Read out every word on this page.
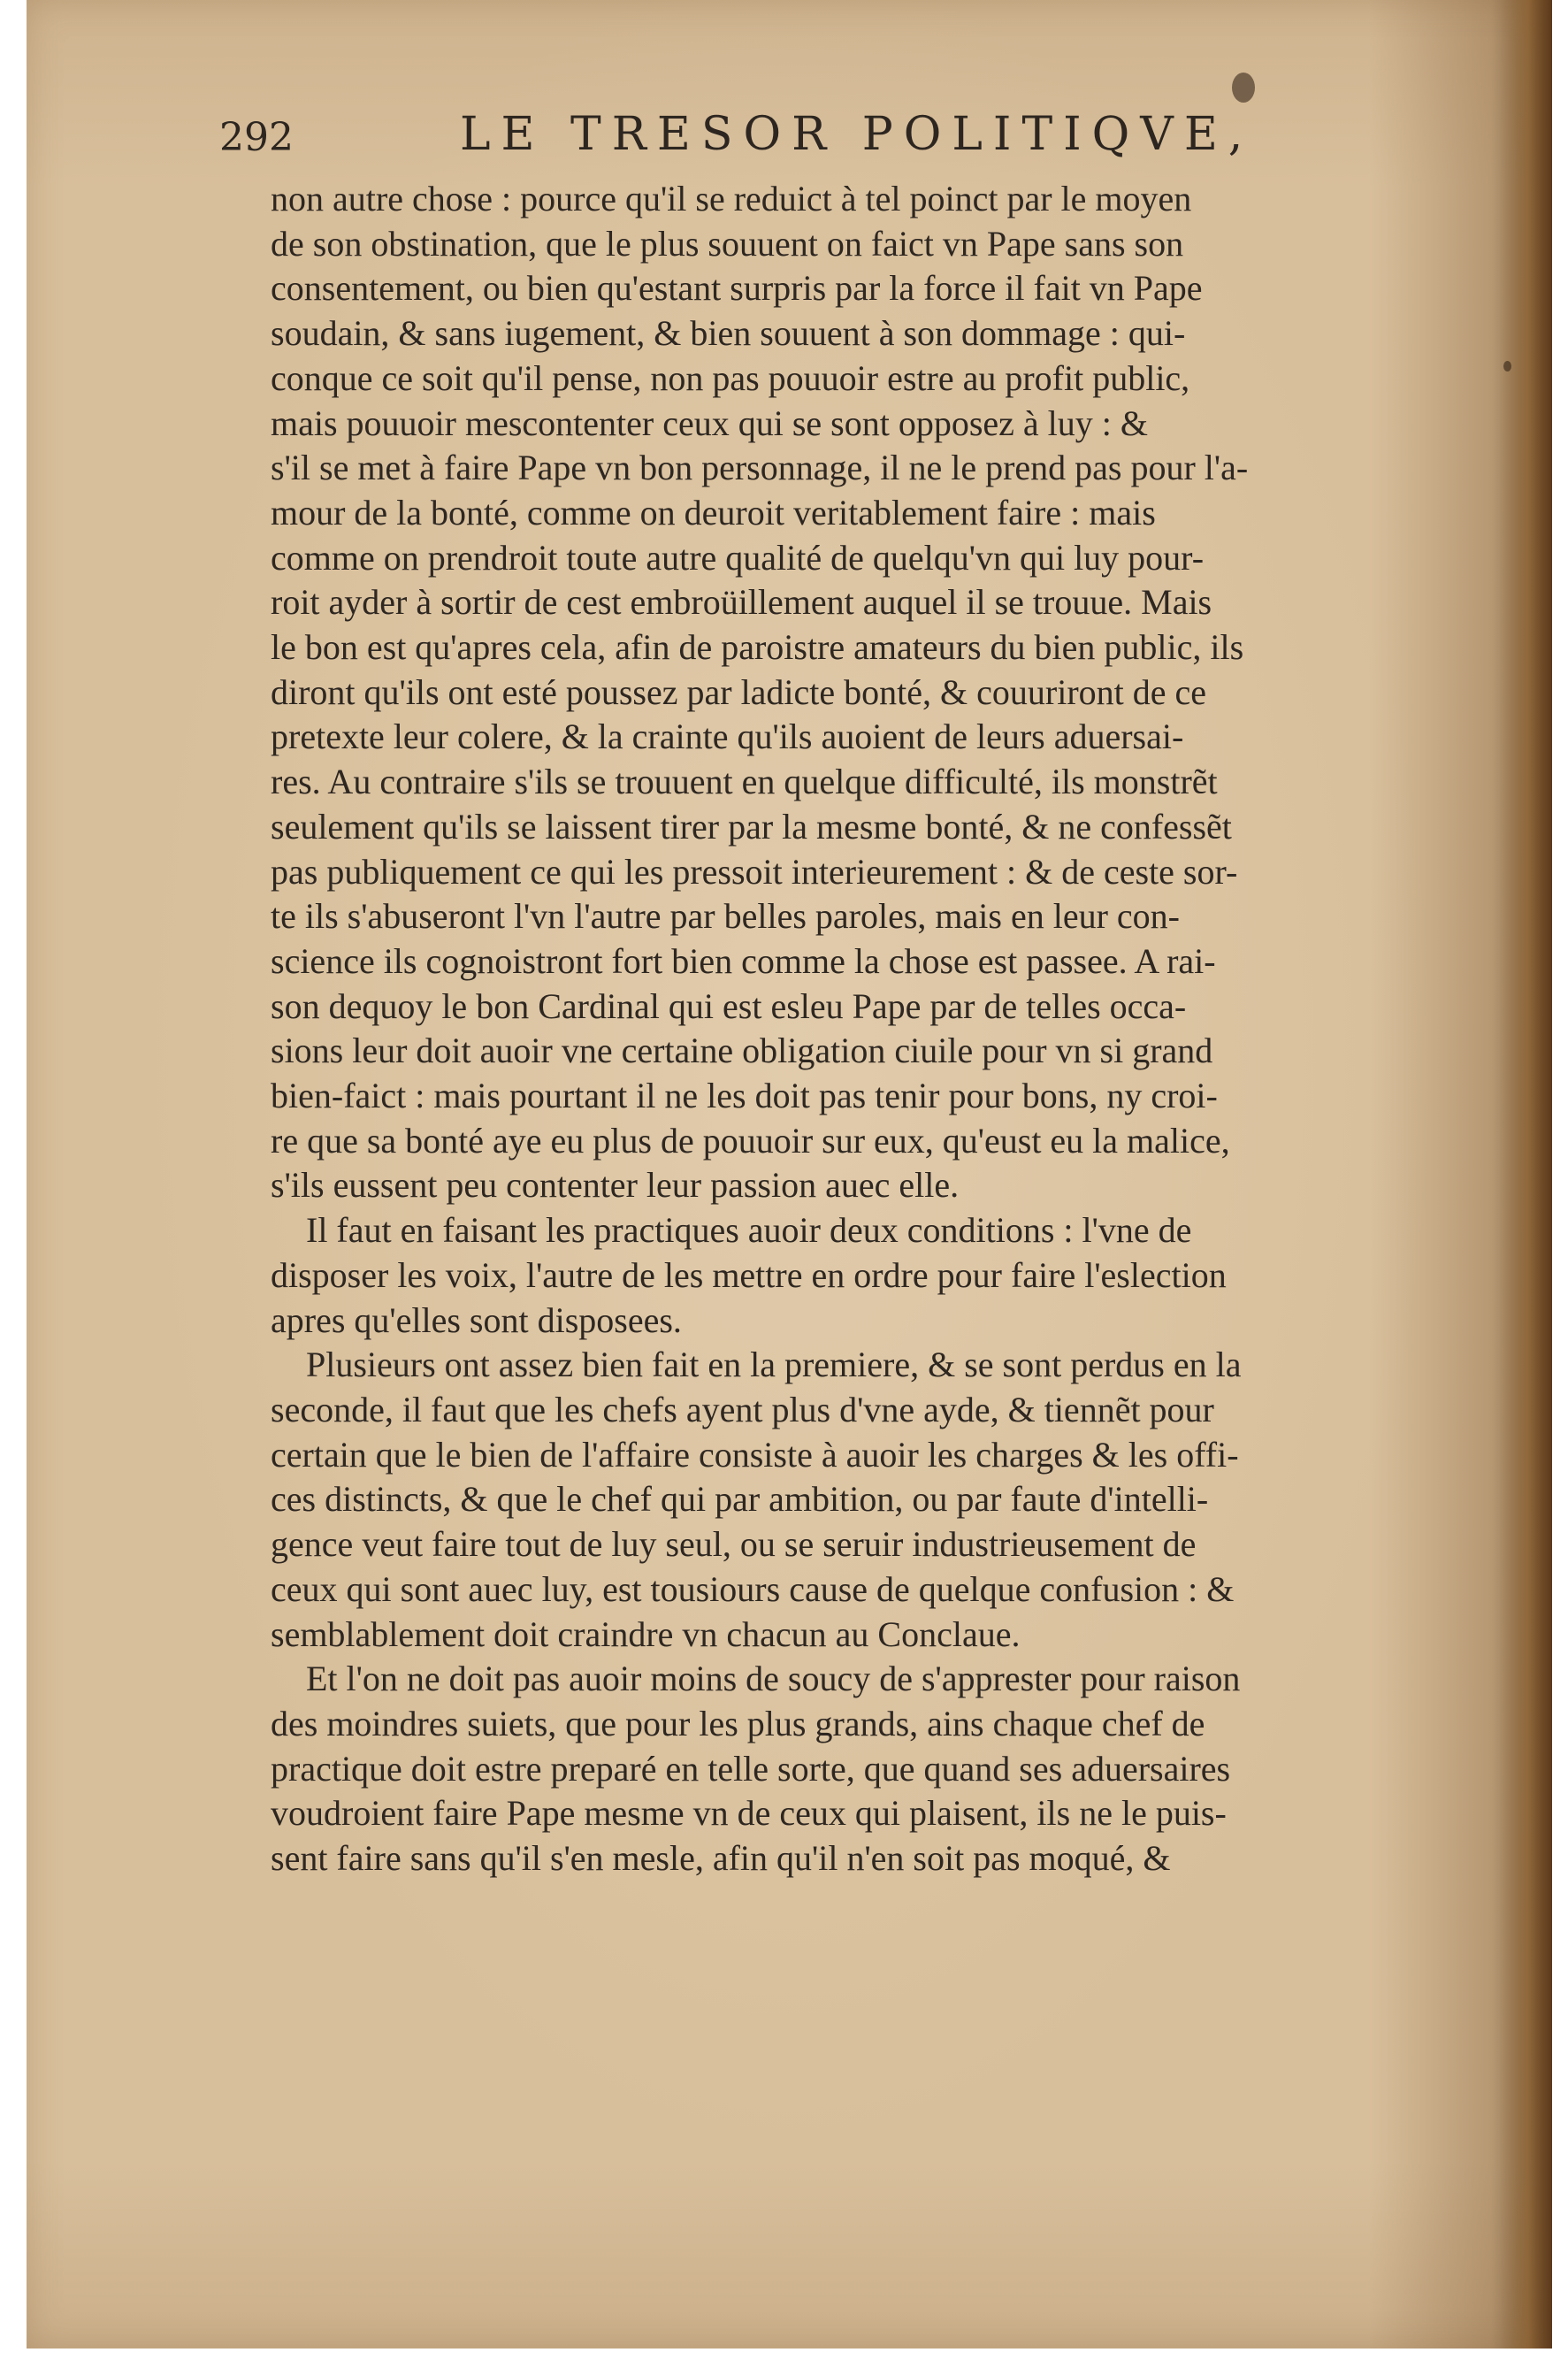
292	LE TRESOR POLITIQVE,

non autre chose : pource qu'il se reduict à tel poinct par le moyen
de son obstination, que le plus souuent on faict vn Pape sans son
consentement, ou bien qu'estant surpris par la force il fait vn Pape
soudain, & sans iugement, & bien souuent à son dommage : qui-
conque ce soit qu'il pense, non pas pouuoir estre au profit public,
mais pouuoir mescontenter ceux qui se sont opposez à luy : &
s'il se met à faire Pape vn bon personnage, il ne le prend pas pour l'a-
mour de la bonté, comme on deuroit veritablement faire : mais
comme on prendroit toute autre qualité de quelqu'vn qui luy pour-
roit ayder à sortir de cest embroüillement auquel il se trouue. Mais
le bon est qu'apres cela, afin de paroistre amateurs du bien public, ils
diront qu'ils ont esté poussez par ladicte bonté, & couuriront de ce
pretexte leur colere, & la crainte qu'ils auoient de leurs aduersai-
res. Au contraire s'ils se trouuent en quelque difficulté, ils monstrẽt
seulement qu'ils se laissent tirer par la mesme bonté, & ne confessẽt
pas publiquement ce qui les pressoit interieurement : & de ceste sor-
te ils s'abuseront l'vn l'autre par belles paroles, mais en leur con-
science ils cognoistront fort bien comme la chose est passee. A rai-
son dequoy le bon Cardinal qui est esleu Pape par de telles occa-
sions leur doit auoir vne certaine obligation ciuile pour vn si grand
bien-faict : mais pourtant il ne les doit pas tenir pour bons, ny croi-
re que sa bonté aye eu plus de pouuoir sur eux, qu'eust eu la malice,
s'ils eussent peu contenter leur passion auec elle.

Il faut en faisant les practiques auoir deux conditions : l'vne de
disposer les voix, l'autre de les mettre en ordre pour faire l'eslection
apres qu'elles sont disposees.

Plusieurs ont assez bien fait en la premiere, & se sont perdus en la
seconde, il faut que les chefs ayent plus d'vne ayde, & tiennẽt pour
certain que le bien de l'affaire consiste à auoir les charges & les offi-
ces distincts, & que le chef qui par ambition, ou par faute d'intelli-
gence veut faire tout de luy seul, ou se seruir industrieusement de
ceux qui sont auec luy, est tousiours cause de quelque confusion : &
semblablement doit craindre vn chacun au Conclaue.

Et l'on ne doit pas auoir moins de soucy de s'apprester pour raison
des moindres suiets, que pour les plus grands, ains chaque chef de
practique doit estre preparé en telle sorte, que quand ses aduersaires
voudroient faire Pape mesme vn de ceux qui plaisent, ils ne le puis-
sent faire sans qu'il s'en mesle, afin qu'il n'en soit pas moqué, &
